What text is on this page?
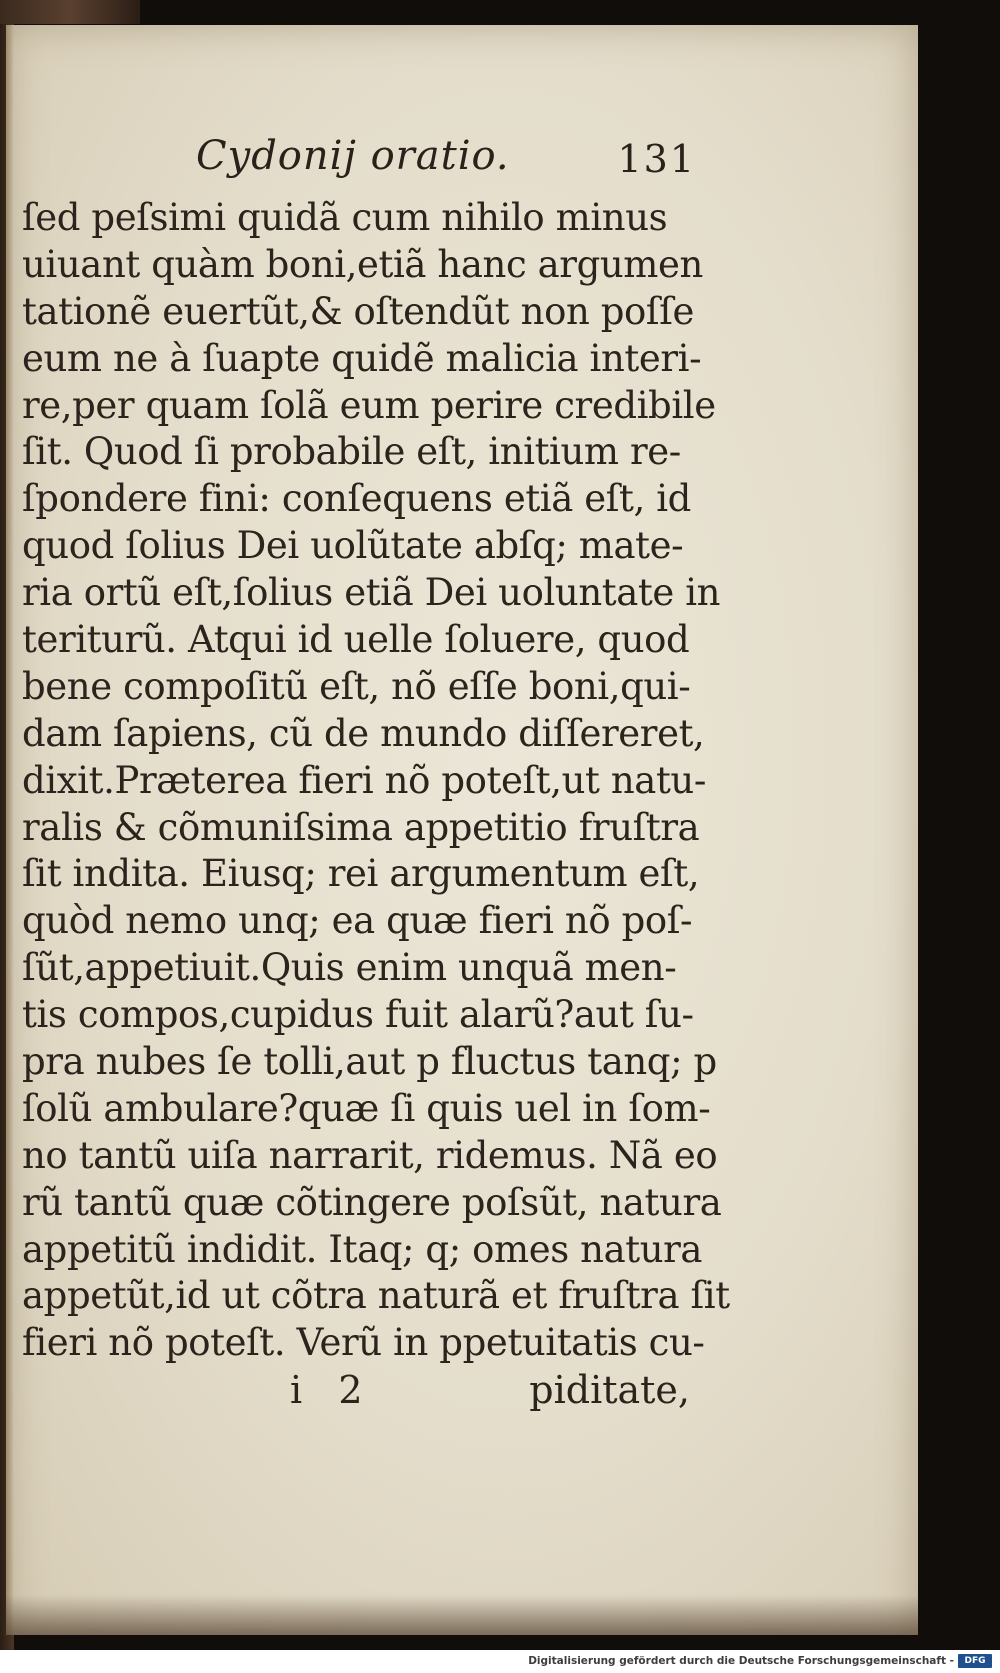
Cydonij oratio.	131
ſed peſsimi quidã cum nihilo minus
uiuant quàm boni,etiã hanc argumen
tationẽ euertũt,& oſtendũt non poſſe
eum ne à ſuapte quidẽ malicia interi-
re,per quam ſolã eum perire credibile
ſit. Quod ſi probabile eſt, initium re-
ſpondere fini: conſequens etiã eſt, id
quod ſolius Dei uolũtate abſq; mate-
ria ortũ eſt,ſolius etiã Dei uoluntate in
teriturũ. Atqui id uelle ſoluere, quod
bene compoſitũ eſt, nõ eſſe boni,qui-
dam ſapiens, cũ de mundo diſſereret,
dixit.Præterea fieri nõ poteſt,ut natu-
ralis & cõmuniſsima appetitio fruſtra
ſit indita. Eiusq; rei argumentum eſt,
quòd nemo unq; ea quæ fieri nõ poſ-
ſũt,appetiuit.Quis enim unquã men-
tis compos,cupidus fuit alarũ?aut ſu-
pra nubes ſe tolli,aut p fluctus tanq; p
ſolũ ambulare?quæ ſi quis uel in ſom-
no tantũ uiſa narrarit, ridemus. Nã eo
rũ tantũ quæ cõtingere poſsũt, natura
appetitũ indidit. Itaq; q; omes natura
appetũt,id ut cõtra naturã et fruſtra ſit
fieri nõ poteſt. Verũ in ppetuitatis cu-
i   2	piditate,
Digitalisierung gefördert durch die Deutsche Forschungsgemeinschaft -	DFG
